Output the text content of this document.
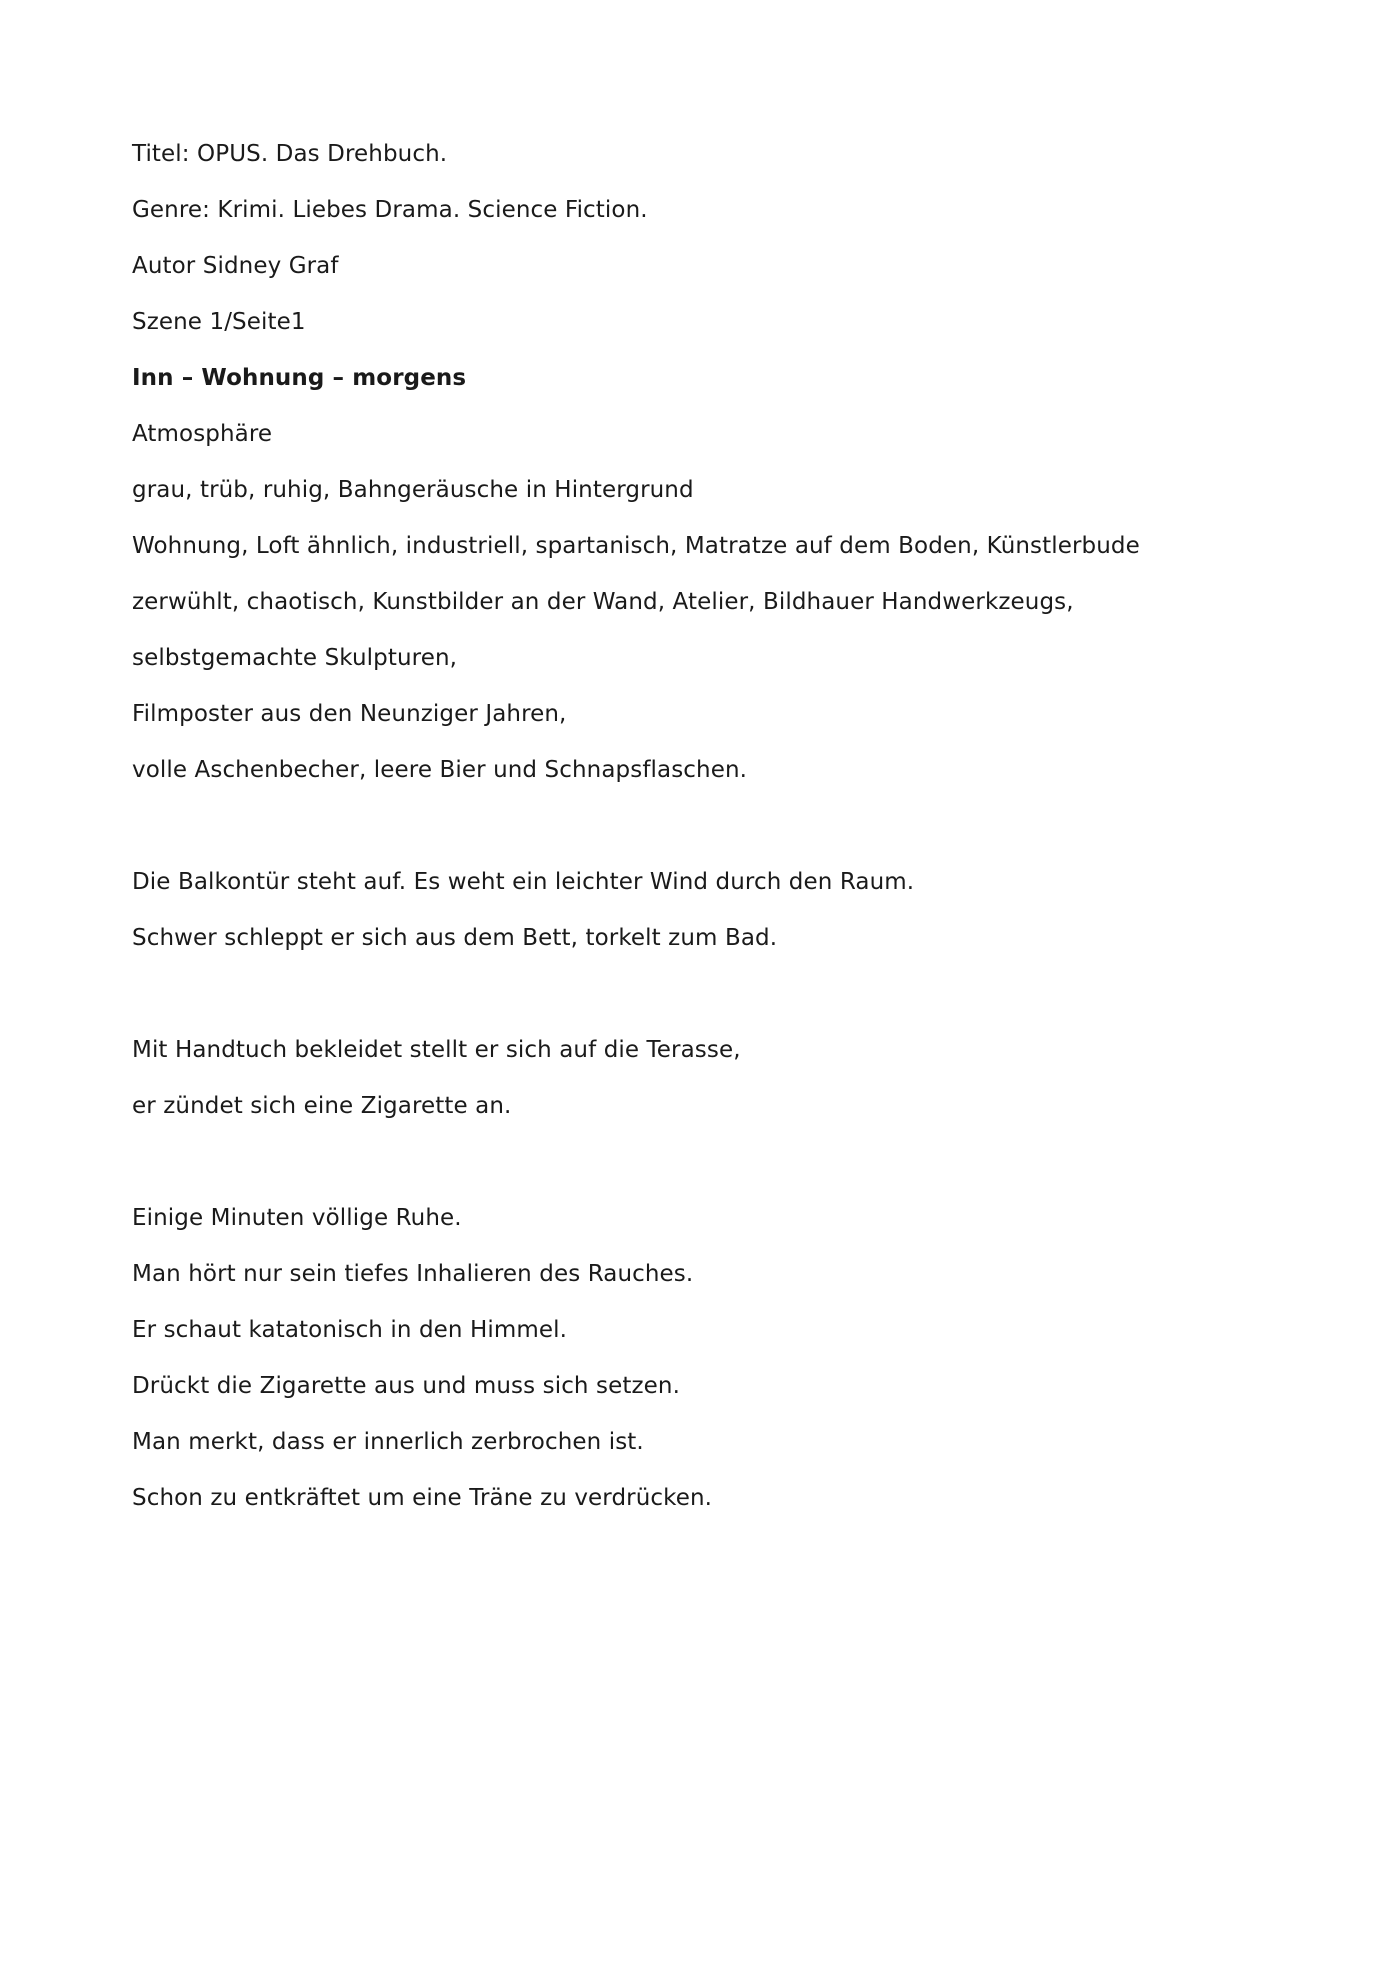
Titel: OPUS. Das Drehbuch.
Genre: Krimi. Liebes Drama. Science Fiction.
Autor Sidney Graf
Szene 1/Seite1
Inn – Wohnung – morgens
Atmosphäre
grau, trüb, ruhig, Bahngeräusche in Hintergrund
Wohnung, Loft ähnlich, industriell, spartanisch, Matratze auf dem Boden, Künstlerbude
zerwühlt, chaotisch, Kunstbilder an der Wand, Atelier, Bildhauer Handwerkzeugs,
selbstgemachte Skulpturen,
Filmposter aus den Neunziger Jahren,
volle Aschenbecher, leere Bier und Schnapsflaschen.
Die Balkontür steht auf. Es weht ein leichter Wind durch den Raum.
Schwer schleppt er sich aus dem Bett, torkelt zum Bad.
Mit Handtuch bekleidet stellt er sich auf die Terasse,
er zündet sich eine Zigarette an.
Einige Minuten völlige Ruhe.
Man hört nur sein tiefes Inhalieren des Rauches.
Er schaut katatonisch in den Himmel.
Drückt die Zigarette aus und muss sich setzen.
Man merkt, dass er innerlich zerbrochen ist.
Schon zu entkräftet um eine Träne zu verdrücken.
